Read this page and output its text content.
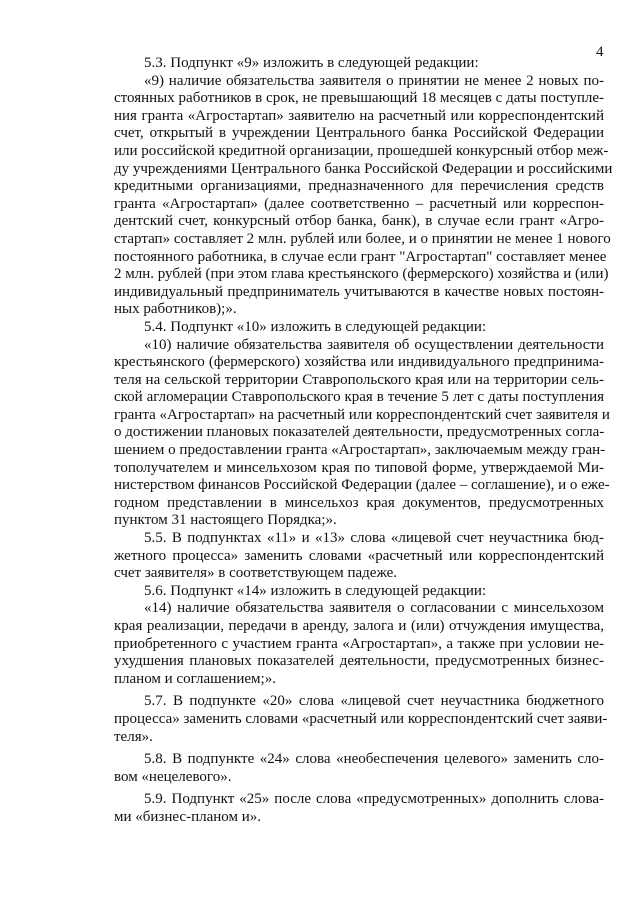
4
5.3. Подпункт «9» изложить в следующей редакции:
«9) наличие обязательства заявителя о принятии не менее 2 новых по-
стоянных работников в срок, не превышающий 18 месяцев с даты поступле-
ния гранта «Агростартап» заявителю на расчетный или корреспондентский
счет, открытый в учреждении Центрального банка Российской Федерации
или российской кредитной организации, прошедшей конкурсный отбор меж-
ду учреждениями Центрального банка Российской Федерации и российскими
кредитными организациями, предназначенного для перечисления средств
гранта «Агростартап» (далее соответственно – расчетный или корреспон-
дентский счет, конкурсный отбор банка, банк), в случае если грант «Агро-
стартап» составляет 2 млн. рублей или более, и о принятии не менее 1 нового
постоянного работника, в случае если грант "Агростартап" составляет менее
2 млн. рублей (при этом глава крестьянского (фермерского) хозяйства и (или)
индивидуальный предприниматель учитываются в качестве новых постоян-
ных работников);».
5.4. Подпункт «10» изложить в следующей редакции:
«10) наличие обязательства заявителя об осуществлении деятельности
крестьянского (фермерского) хозяйства или индивидуального предпринима-
теля на сельской территории Ставропольского края или на территории сель-
ской агломерации Ставропольского края в течение 5 лет с даты поступления
гранта «Агростартап» на расчетный или корреспондентский счет заявителя и
о достижении плановых показателей деятельности, предусмотренных согла-
шением о предоставлении гранта «Агростартап», заключаемым между гран-
тополучателем и минсельхозом края по типовой форме, утверждаемой Ми-
нистерством финансов Российской Федерации (далее – соглашение), и о еже-
годном представлении в минсельхоз края документов, предусмотренных
пунктом 31 настоящего Порядка;».
5.5. В подпунктах «11» и «13» слова «лицевой счет неучастника бюд-
жетного процесса» заменить словами «расчетный или корреспондентский
счет заявителя» в соответствующем падеже.
5.6. Подпункт «14» изложить в следующей редакции:
«14) наличие обязательства заявителя о согласовании с минсельхозом
края реализации, передачи в аренду, залога и (или) отчуждения имущества,
приобретенного с участием гранта «Агростартап», а также при условии не-
ухудшения плановых показателей деятельности, предусмотренных бизнес-
планом и соглашением;».
5.7. В подпункте «20» слова «лицевой счет неучастника бюджетного
процесса» заменить словами «расчетный или корреспондентский счет заяви-
теля».
5.8. В подпункте «24» слова «необеспечения целевого» заменить сло-
вом «нецелевого».
5.9. Подпункт «25» после слова «предусмотренных» дополнить слова-
ми «бизнес-планом и».
